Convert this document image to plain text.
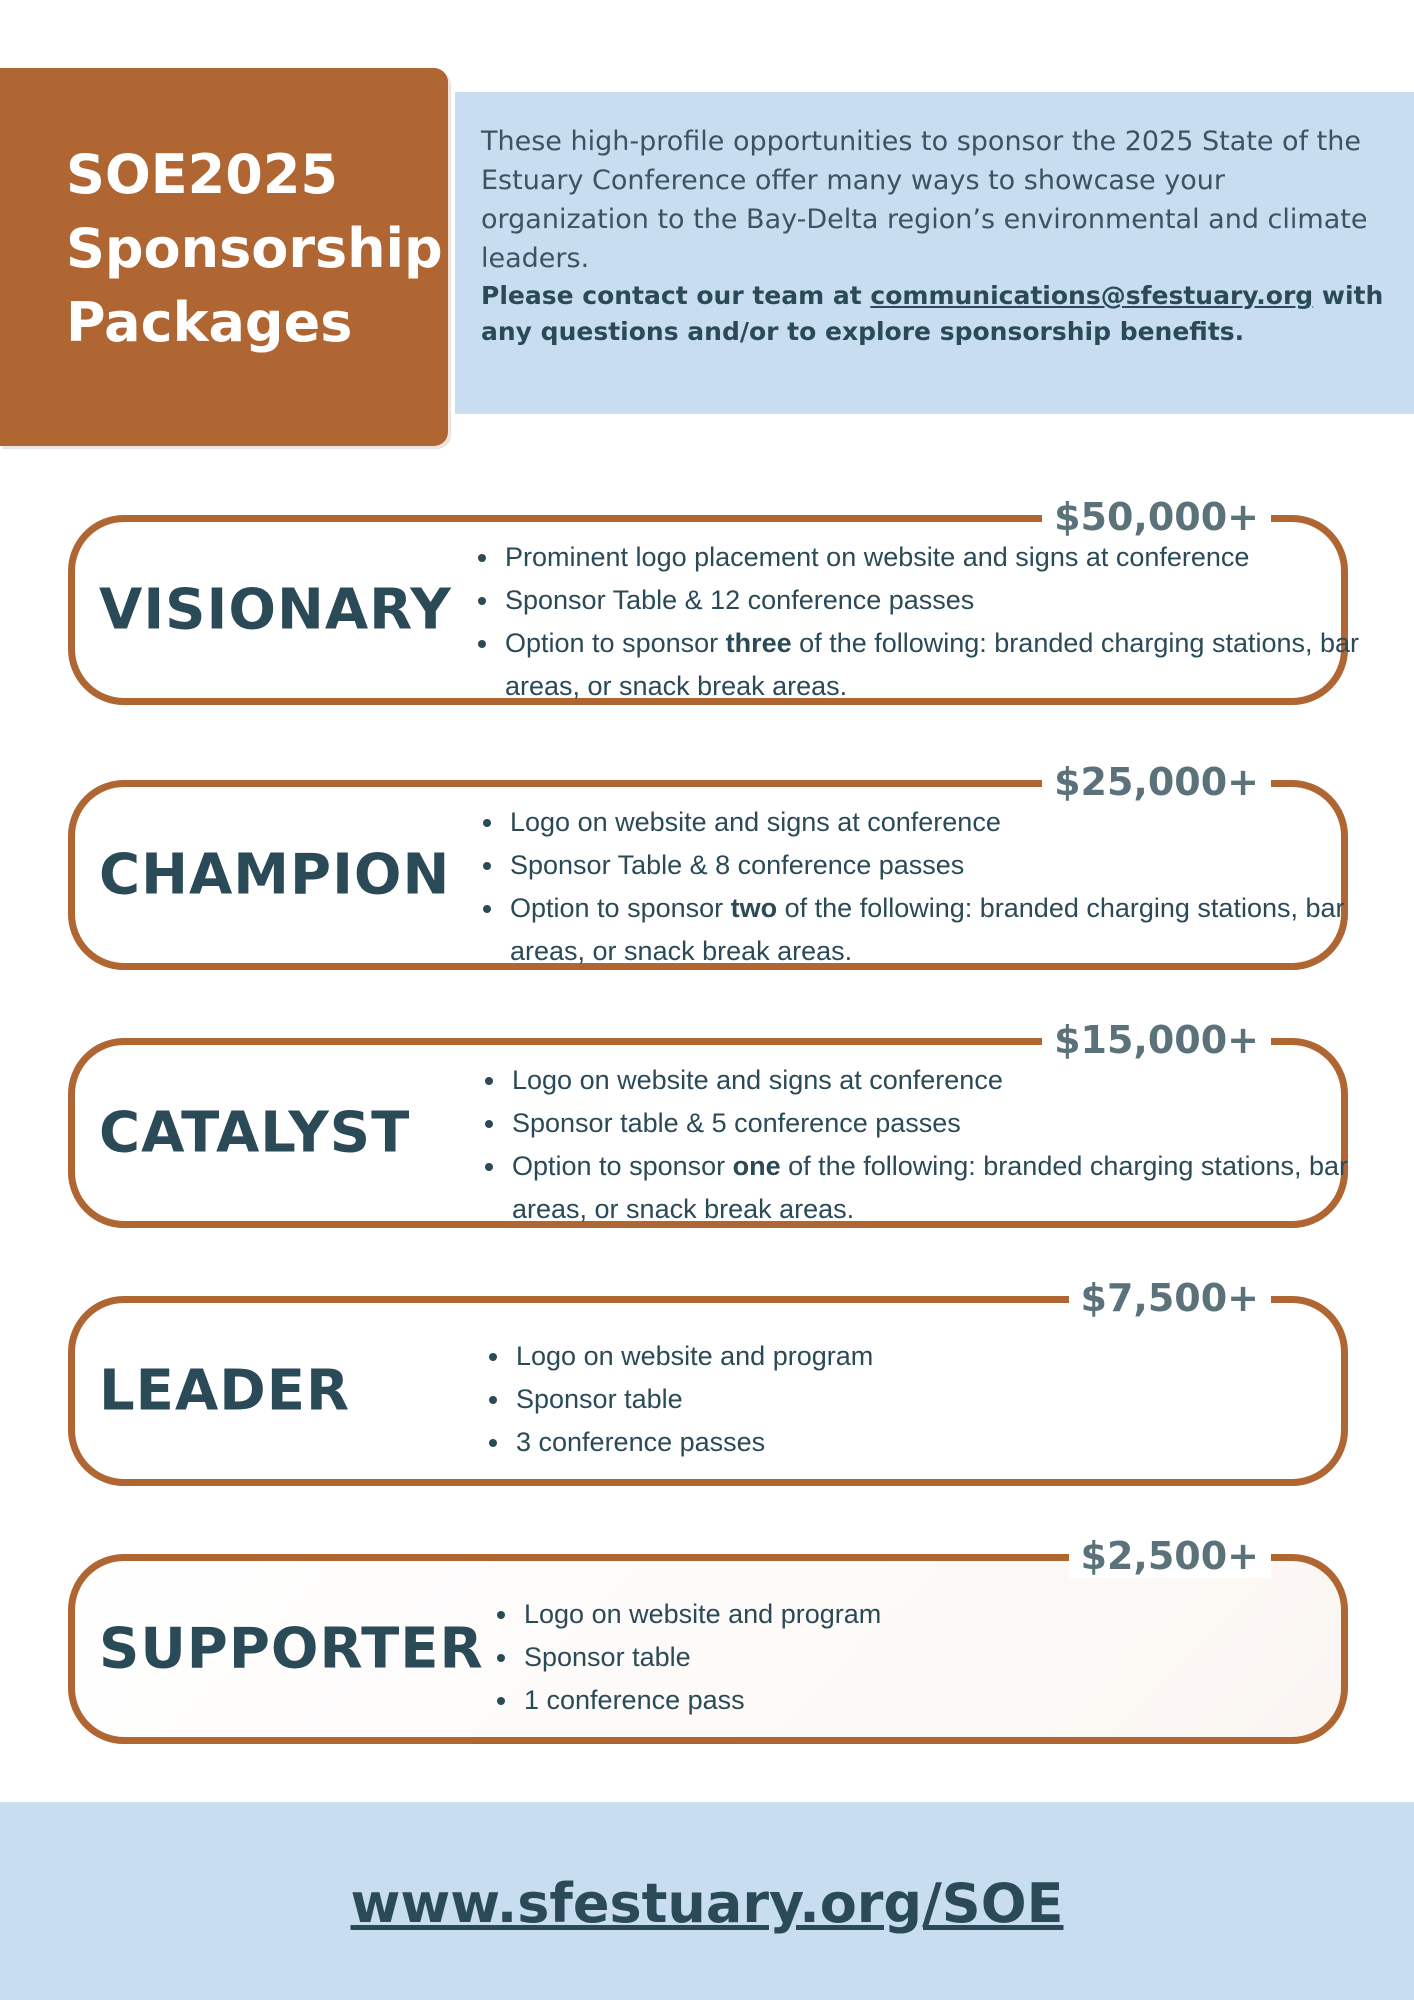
SOE2025
Sponsorship
Packages

These high-profile opportunities to sponsor the 2025 State of the Estuary Conference offer many ways to showcase your organization to the Bay-Delta region’s environmental and climate leaders.

Please contact our team at communications@sfestuary.org with any questions and/or to explore sponsorship benefits.

VISIONARY
$50,000+
• Prominent logo placement on website and signs at conference
• Sponsor Table & 12 conference passes
• Option to sponsor three of the following: branded charging stations, bar areas, or snack break areas.
CHAMPION
$25,000+
• Logo on website and signs at conference
• Sponsor Table & 8 conference passes
• Option to sponsor two of the following: branded charging stations, bar areas, or snack break areas.
CATALYST
$15,000+
• Logo on website and signs at conference
• Sponsor table & 5 conference passes
• Option to sponsor one of the following: branded charging stations, bar areas, or snack break areas.
LEADER
$7,500+
• Logo on website and program
• Sponsor table
• 3 conference passes
SUPPORTER
$2,500+
• Logo on website and program
• Sponsor table
• 1 conference pass
www.sfestuary.org/SOE
